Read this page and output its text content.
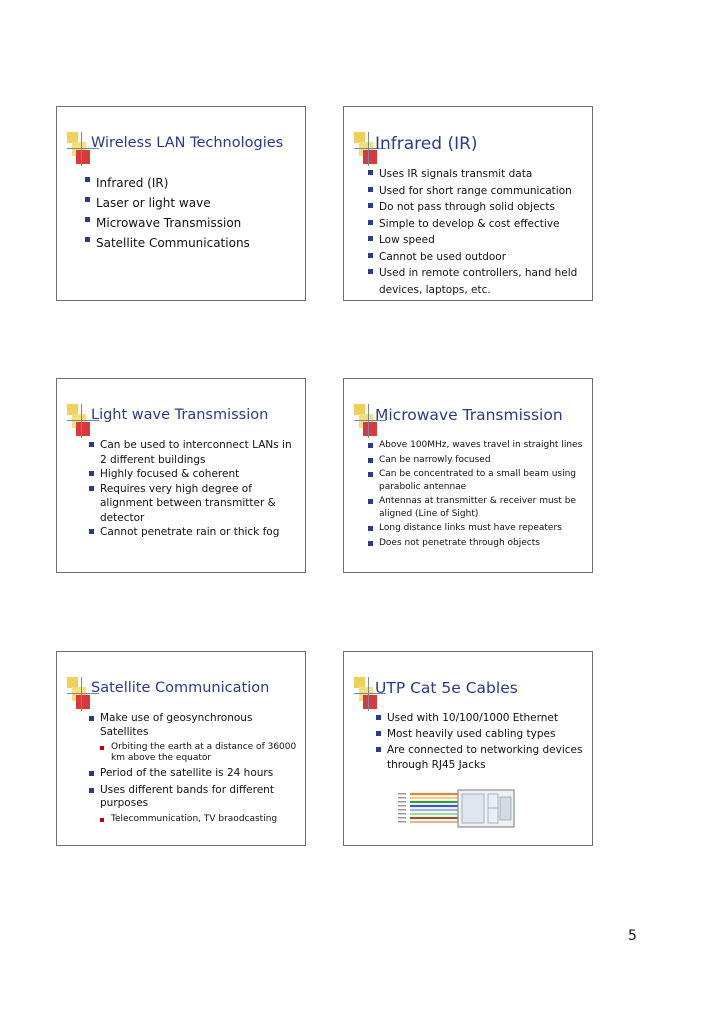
Wireless LAN Technologies
Infrared (IR)
Laser or light wave
Microwave Transmission
Satellite Communications
Infrared (IR)
Uses IR signals transmit data
Used for short range communication
Do not pass through solid objects
Simple to develop & cost effective
Low speed
Cannot be used outdoor
Used in remote controllers, hand held devices, laptops, etc.
Light wave Transmission
Can be used to interconnect LANs in 2 different buildings
Highly focused & coherent
Requires very high degree of alignment between transmitter & detector
Cannot penetrate rain or thick fog
Microwave Transmission
Above 100MHz, waves travel in straight lines
Can be narrowly focused
Can be concentrated to a small beam using parabolic antennae
Antennas at transmitter & receiver must be aligned (Line of Sight)
Long distance links must have repeaters
Does not penetrate through objects
Satellite Communication
Make use of geosynchronous Satellites
Orbiting the earth at a distance of 36000 km above the equator
Period of the satellite is 24 hours
Uses different bands for different purposes
Telecommunication, TV braodcasting
UTP Cat 5e Cables
Used with 10/100/1000 Ethernet
Most heavily used cabling types
Are connected to networking devices through RJ45 Jacks
5
